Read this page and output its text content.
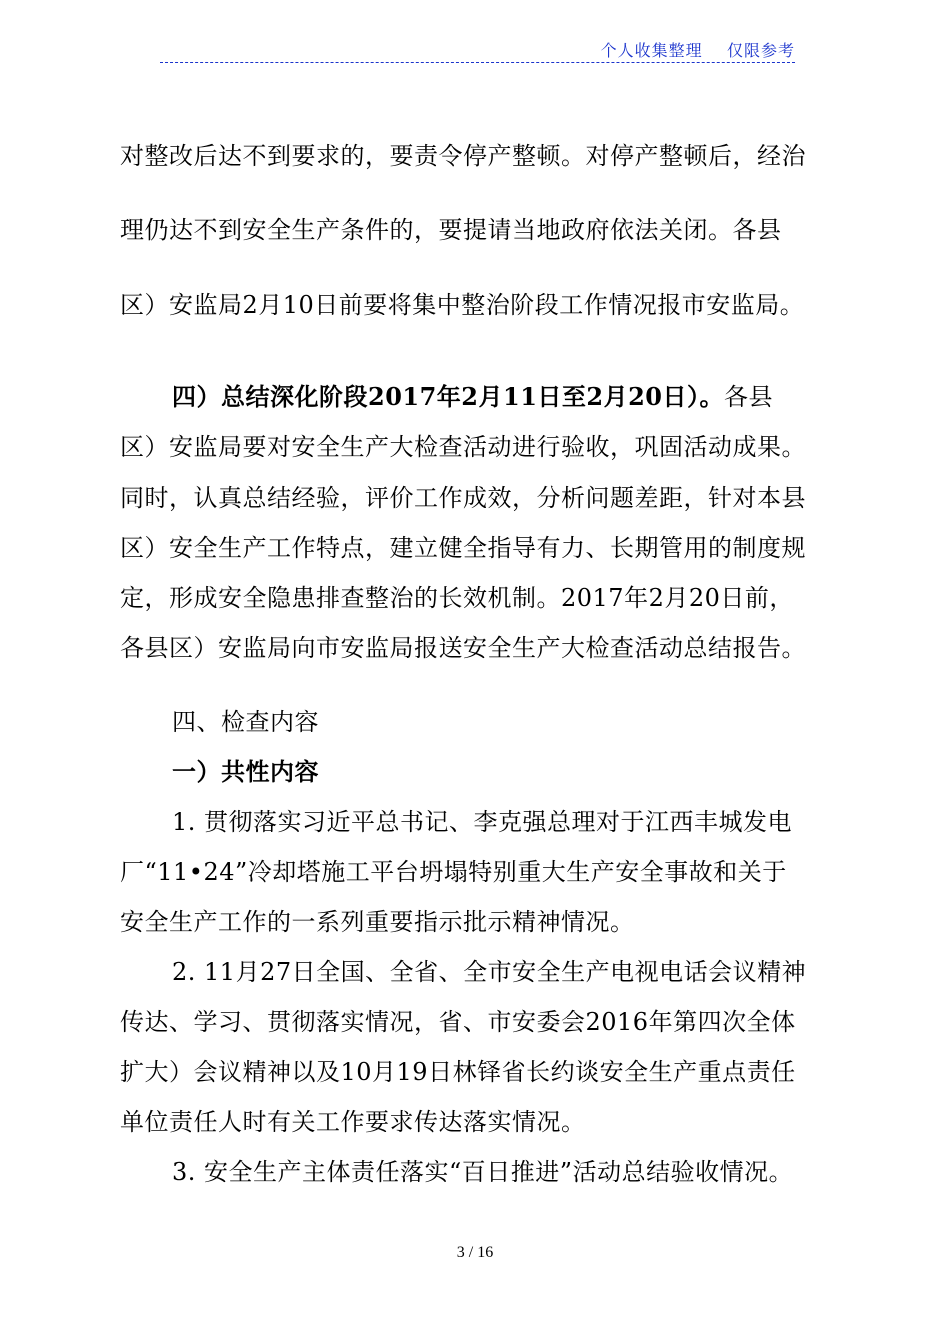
个人收集整理    仅限参考

对整改后达不到要求的，要责令停产整顿。对停产整顿后，经治

理仍达不到安全生产条件的，要提请当地政府依法关闭。各县

区）安监局2月10日前要将集中整治阶段工作情况报市安监局。

四）总结深化阶段2017年2月11日至2月20日）。各县

区）安监局要对安全生产大检查活动进行验收，巩固活动成果。

同时，认真总结经验，评价工作成效，分析问题差距，针对本县

区）安全生产工作特点，建立健全指导有力、长期管用的制度规

定，形成安全隐患排查整治的长效机制。2017年2月20日前，

各县区）安监局向市安监局报送安全生产大检查活动总结报告。

四、检查内容

一）共性内容

1. 贯彻落实习近平总书记、李克强总理对于江西丰城发电

厂“11•24”冷却塔施工平台坍塌特别重大生产安全事故和关于

安全生产工作的一系列重要指示批示精神情况。

2. 11月27日全国、全省、全市安全生产电视电话会议精神

传达、学习、贯彻落实情况，省、市安委会2016年第四次全体

扩大）会议精神以及10月19日林铎省长约谈安全生产重点责任

单位责任人时有关工作要求传达落实情况。

3. 安全生产主体责任落实“百日推进”活动总结验收情况。

3 / 16
